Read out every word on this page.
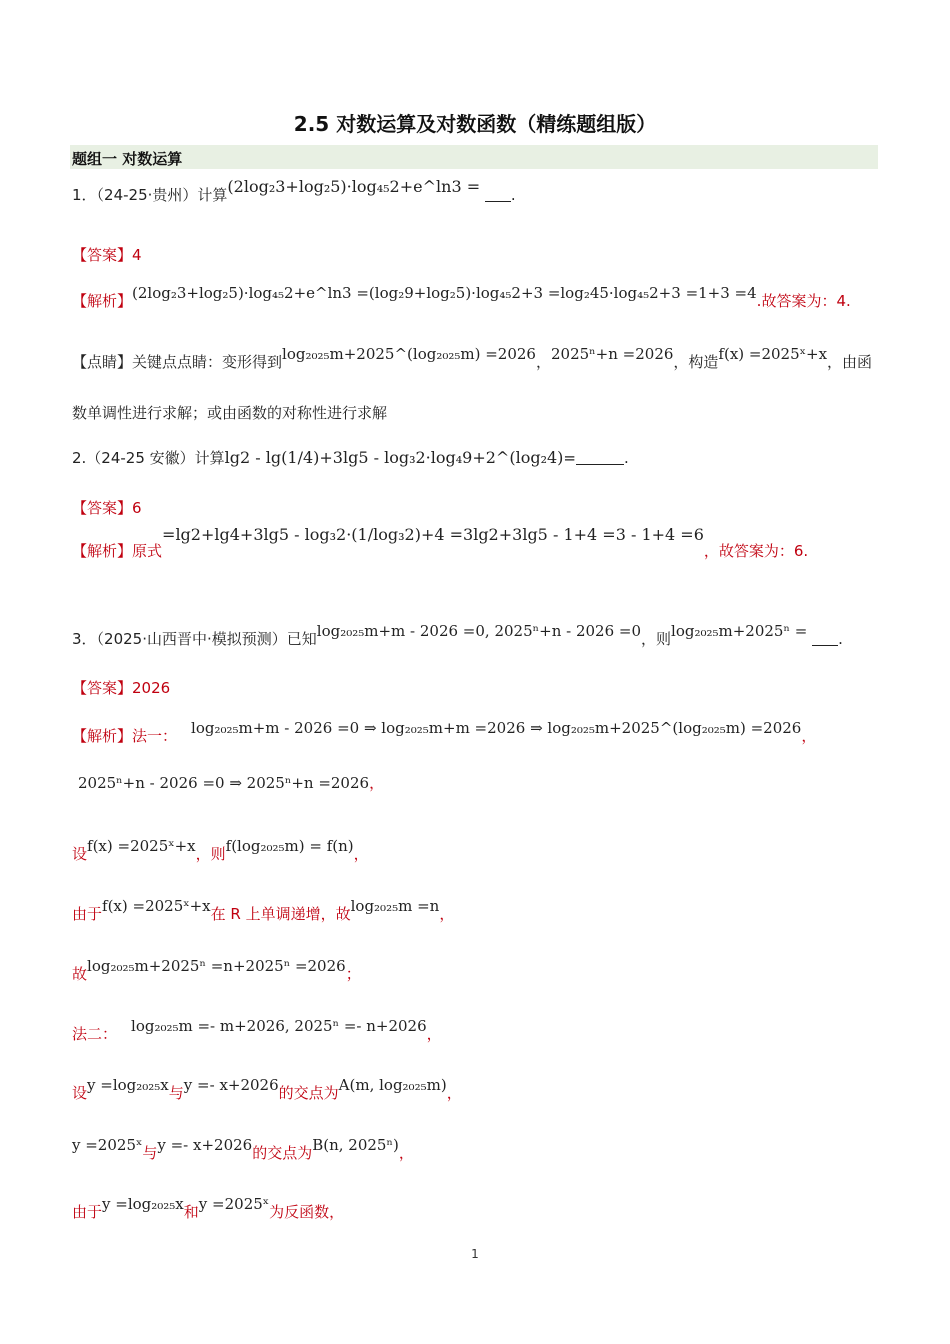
2.5 对数运算及对数函数（精练题组版）
题组一 对数运算
1．（24-25·贵州）计算(2log₂3+log₂5)·log₄₅2+e^ln3 = .
【答案】4
【解析】(2log₂3+log₂5)·log₄₅2+e^ln3 =(log₂9+log₂5)·log₄₅2+3 =log₂45·log₄₅2+3 =1+3 =4.故答案为：4.
【点睛】关键点点睛：变形得到log₂₀₂₅m+2025^(log₂₀₂₅m) =2026，2025ⁿ+n =2026，构造f(x) =2025ˣ+x，由函
数单调性进行求解；或由函数的对称性进行求解
2.（24-25 安徽）计算lg2 - lg(1/4)+3lg5 - log₃2·log₄9+2^(log₂4)=	.
【答案】6
【解析】原式=lg2+lg4+3lg5 - log₃2·(1/log₃2)+4 =3lg2+3lg5 - 1+4 =3 - 1+4 =6，故答案为：6.
3．（2025·山西晋中·模拟预测）已知log₂₀₂₅m+m - 2026 =0, 2025ⁿ+n - 2026 =0，则log₂₀₂₅m+2025ⁿ = .
【答案】2026
【解析】法一： log₂₀₂₅m+m - 2026 =0 ⇒ log₂₀₂₅m+m =2026 ⇒ log₂₀₂₅m+2025^(log₂₀₂₅m) =2026，
2025ⁿ+n - 2026 =0 ⇒ 2025ⁿ+n =2026，
设f(x) =2025ˣ+x，则f(log₂₀₂₅m) = f(n)，
由于f(x) =2025ˣ+x在 R 上单调递增，故log₂₀₂₅m =n，
故log₂₀₂₅m+2025ⁿ =n+2025ⁿ =2026；
法二： log₂₀₂₅m =- m+2026, 2025ⁿ =- n+2026，
设y =log₂₀₂₅x与y =- x+2026的交点为A(m, log₂₀₂₅m)，
y =2025ˣ与y =- x+2026的交点为B(n, 2025ⁿ)，
由于y =log₂₀₂₅x和y =2025ˣ为反函数，
1
